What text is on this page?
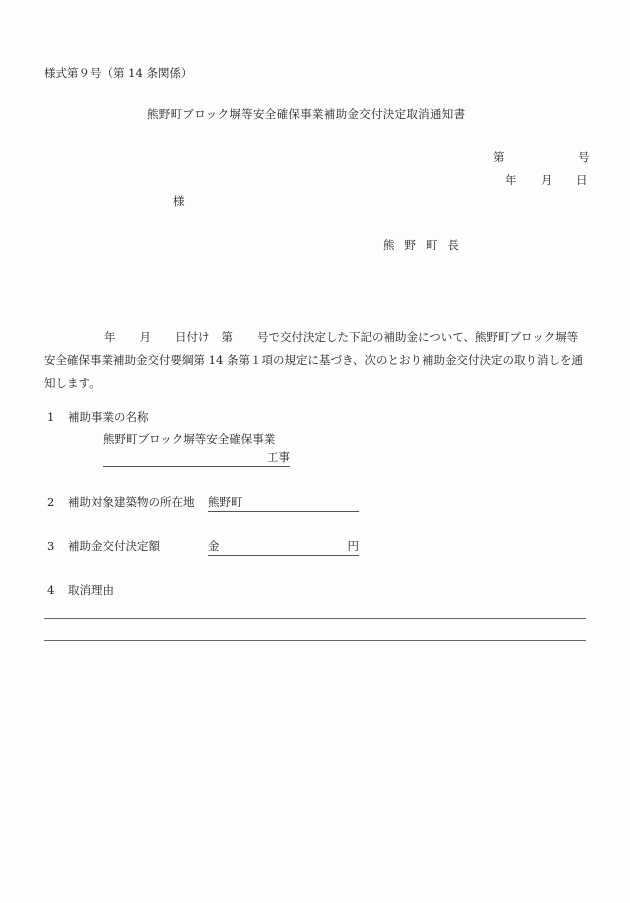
様式第９号（第 14 条関係）
熊野町ブロック塀等安全確保事業補助金交付決定取消通知書
第	号
年 月 日
様
熊野町長
年 月 日付け 第 号で交付決定した下記の補助金について、熊野町ブロック塀等
安全確保事業補助金交付要綱第 14 条第１項の規定に基づき、次のとおり補助金交付決定の取り消しを通
知します。
1 補助事業の名称
熊野町ブロック塀等安全確保事業
工事
2 補助対象建築物の所在地 熊野町
3 補助金交付決定額	金	円
4 取消理由
